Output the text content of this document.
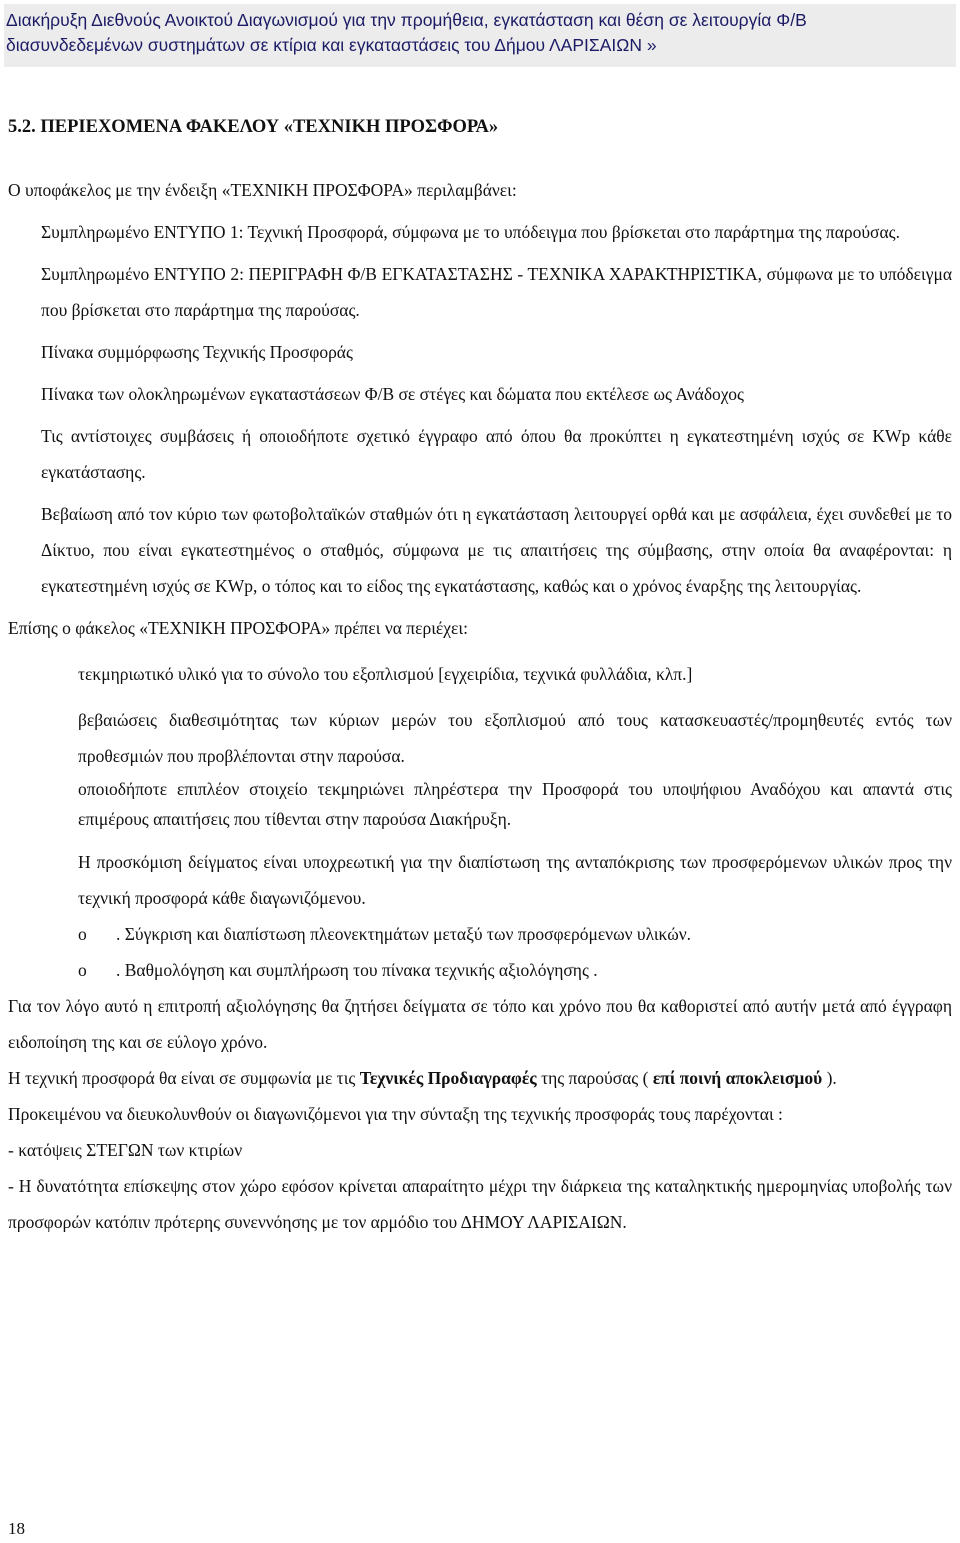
Διακήρυξη Διεθνούς Ανοικτού Διαγωνισμού για την προμήθεια, εγκατάσταση και θέση σε λειτουργία Φ/Β
διασυνδεδεμένων συστημάτων σε κτίρια και εγκαταστάσεις του Δήμου ΛΑΡΙΣΑΙΩΝ »

5.2. ΠΕΡΙΕΧΟΜΕΝΑ ΦΑΚΕΛΟΥ «ΤΕΧΝΙΚΗ ΠΡΟΣΦΟΡΑ»

Ο υποφάκελος με την ένδειξη «ΤΕΧΝΙΚΗ ΠΡΟΣΦΟΡΑ» περιλαμβάνει:

Συμπληρωμένο ΕΝΤΥΠΟ 1: Τεχνική Προσφορά, σύμφωνα με το υπόδειγμα που βρίσκεται στο παράρτημα της παρούσας.

Συμπληρωμένο ΕΝΤΥΠΟ 2: ΠΕΡΙΓΡΑΦΗ Φ/Β ΕΓΚΑΤΑΣΤΑΣΗΣ - ΤΕΧΝΙΚΑ ΧΑΡΑΚΤΗΡΙΣΤΙΚΑ, σύμφωνα με το υπόδειγμα που βρίσκεται στο παράρτημα της παρούσας.

Πίνακα συμμόρφωσης Τεχνικής Προσφοράς

Πίνακα των ολοκληρωμένων εγκαταστάσεων Φ/Β σε στέγες και δώματα που εκτέλεσε ως Ανάδοχος

Τις αντίστοιχες συμβάσεις ή οποιοδήποτε σχετικό έγγραφο από όπου θα προκύπτει η εγκατεστημένη ισχύς σε KWp κάθε εγκατάστασης.

Βεβαίωση από τον κύριο των φωτοβολταϊκών σταθμών ότι η εγκατάσταση λειτουργεί ορθά και με ασφάλεια, έχει συνδεθεί με το Δίκτυο, που είναι εγκατεστημένος ο σταθμός, σύμφωνα με τις απαιτήσεις της σύμβασης, στην οποία θα αναφέρονται: η εγκατεστημένη ισχύς σε KWp, ο τόπος και το είδος της εγκατάστασης, καθώς και ο χρόνος έναρξης της λειτουργίας.

Επίσης ο φάκελος «ΤΕΧΝΙΚΗ ΠΡΟΣΦΟΡΑ» πρέπει να περιέχει:

τεκμηριωτικό υλικό για το σύνολο του εξοπλισμού [εγχειρίδια, τεχνικά φυλλάδια, κλπ.]

βεβαιώσεις διαθεσιμότητας των κύριων μερών του εξοπλισμού από τους κατασκευαστές/προμηθευτές εντός των προθεσμιών που προβλέπονται στην παρούσα.

οποιοδήποτε επιπλέον στοιχείο τεκμηριώνει πληρέστερα την Προσφορά του υποψήφιου Αναδόχου και απαντά στις επιμέρους απαιτήσεις που τίθενται στην παρούσα Διακήρυξη.

Η προσκόμιση δείγματος είναι υποχρεωτική για την διαπίστωση της ανταπόκρισης των προσφερόμενων υλικών προς την τεχνική προσφορά κάθε διαγωνιζόμενου.

o	. Σύγκριση και διαπίστωση πλεονεκτημάτων μεταξύ των προσφερόμενων υλικών.
o	. Βαθμολόγηση και συμπλήρωση του πίνακα τεχνικής αξιολόγησης .

Για τον λόγο αυτό η επιτροπή αξιολόγησης θα ζητήσει δείγματα σε τόπο και χρόνο που θα καθοριστεί από αυτήν μετά από έγγραφη ειδοποίηση της και σε εύλογο χρόνο.

Η τεχνική προσφορά θα είναι σε συμφωνία με τις Τεχνικές Προδιαγραφές της παρούσας ( επί ποινή αποκλεισμού ).

Προκειμένου να διευκολυνθούν οι διαγωνιζόμενοι για την σύνταξη της τεχνικής προσφοράς τους παρέχονται :

- κατόψεις ΣΤΕΓΩΝ των κτιρίων

- Η δυνατότητα επίσκεψης στον χώρο εφόσον κρίνεται απαραίτητο μέχρι την διάρκεια της καταληκτικής ημερομηνίας υποβολής των προσφορών κατόπιν πρότερης συνεννόησης με τον αρμόδιο του ΔΗΜΟΥ ΛΑΡΙΣΑΙΩΝ.

18
